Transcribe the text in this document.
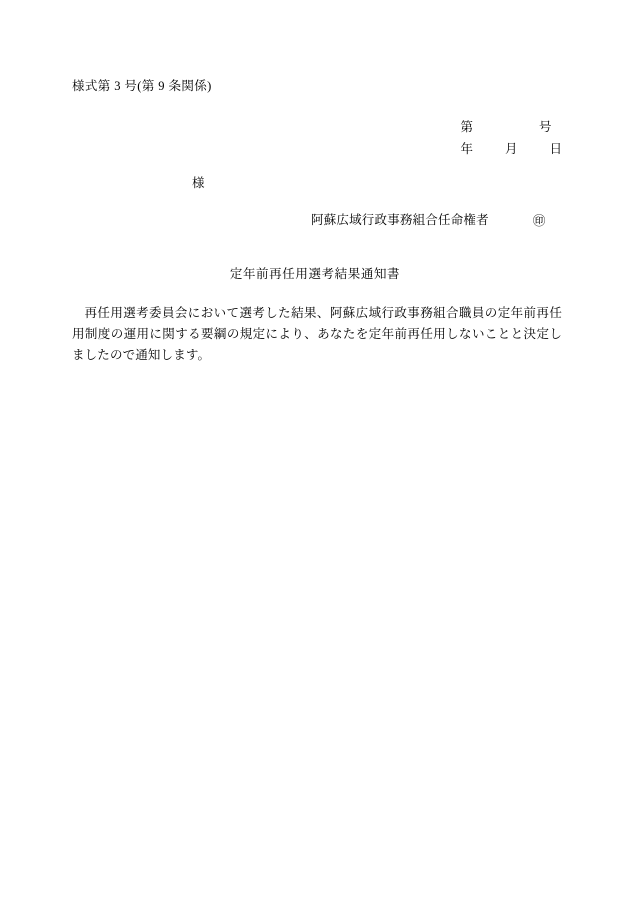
様式第 3 号(第 9 条関係)
第	号
年	月	日
様
阿蘇広域行政事務組合任命権者	㊞
定年前再任用選考結果通知書
再任用選考委員会において選考した結果、阿蘇広域行政事務組合職員の定年前再任用制度の運用に関する要綱の規定により、あなたを定年前再任用しないことと決定しましたので通知します。
